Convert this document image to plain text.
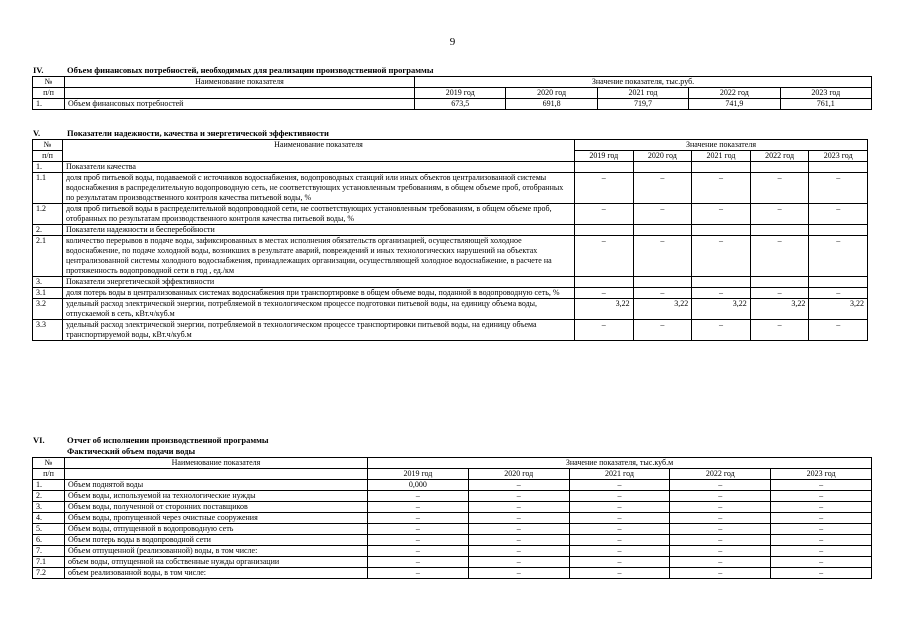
9
IV.	Объем финансовых потребностей, необходимых для реализации производственной программы
№	Наименование показателя	Значение показателя, тыс.руб.				
п/п		2019 год	2020 год	2021 год	2022 год	2023 год
1.	Объем финансовых потребностей	673,5	691,8	719,7	741,9	761,1
V.	Показатели надежности, качества и энергетической эффективности
№	Наименование показателя	Значение показателя				
п/п		2019 год	2020 год	2021 год	2022 год	2023 год
1.	Показатели качества					
1.1	доля проб питьевой воды, подаваемой с источников водоснабжения, водопроводных станций или иных объектов централизованной системы водоснабжения в распределительную водопроводную сеть, не соответствующих установленным требованиям, в общем объеме проб, отобранных по результатам производственного контроля качества питьевой воды, %	–	–	–	–	–
1.2	доля проб питьевой воды в распределительной водопроводной сети, не соответствующих установленным требованиям, в общем объеме проб, отобранных по результатам производственного контроля качества питьевой воды, %	–	–	–	–	–
2.	Показатели надежности и бесперебойности					
2.1	количество перерывов в подаче воды, зафиксированных в местах исполнения обязательств организацией, осуществляющей холодное водоснабжение, по подаче холодной воды, возникших в результате аварий, повреждений и иных технологических нарушений на объектах централизованной системы холодного водоснабжения, принадлежащих организации, осуществляющей холодное водоснабжение, в расчете на протяженность водопроводной сети в год , ед./км	–	–	–	–	–
3.	Показатели энергетической эффективности					
3.1	доля потерь воды в централизованных системах водоснабжения при транспортировке в общем объеме воды, поданной в водопроводную сеть, %	–	–	–	–	–
3.2	удельный расход электрической энергии, потребляемой в технологическом процессе подготовки питьевой воды, на единицу объема воды, отпускаемой в сеть, кВт.ч/куб.м	3,22	3,22	3,22	3,22	3,22
3.3	удельный расход электрической энергии, потребляемой в технологическом процессе транспортировки питьевой воды, на единицу объема транспортируемой воды, кВт.ч/куб.м	–	–	–	–	–
VI.	Отчет об исполнении производственной программы
Фактический объем подачи воды
№	Наименование показателя	Значение показателя, тыс.куб.м				
п/п		2019 год	2020 год	2021 год	2022 год	2023 год
1.	Объем поднятой воды	0,000	–	–	–	–
2.	Объем воды, используемой на технологические нужды	–	–	–	–	–
3.	Объем воды, полученной от сторонних поставщиков	–	–	–	–	–
4.	Объем воды, пропущенной через очистные сооружения	–	–	–	–	–
5.	Объем воды, отпущенной в водопроводную сеть	–	–	–	–	–
6.	Объем потерь воды в водопроводной сети	–	–	–	–	–
7.	Объем отпущенной (реализованной) воды, в том числе:	–	–	–	–	–
7.1	объем воды, отпущенной на собственные нужды организации	–	–	–	–	–
7.2	объем реализованной воды, в том числе:	–	–	–	–	–
